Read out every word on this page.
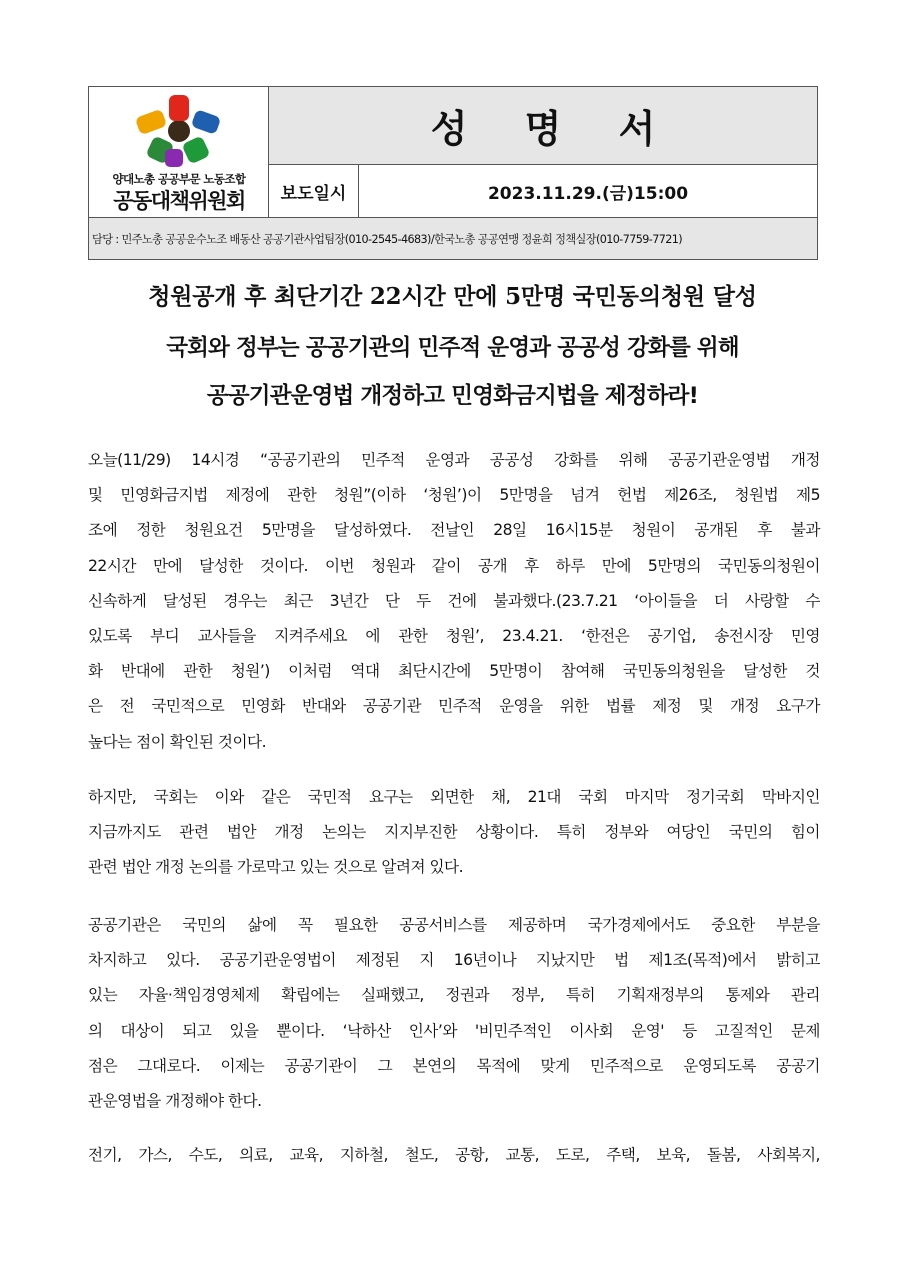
양대노총 공공부문 노동조합
공동대책위원회
성 명 서
보도일시	2023.11.29.(금)15:00
담당 : 민주노총 공공운수노조 배동산 공공기관사업팀장(010-2545-4683)/한국노총 공공연맹 정윤희 정책실장(010-7759-7721)
청원공개 후 최단기간 22시간 만에 5만명 국민동의청원 달성
국회와 정부는 공공기관의 민주적 운영과 공공성 강화를 위해
공공기관운영법 개정하고 민영화금지법을 제정하라!
오늘(11/29) 14시경 “공공기관의 민주적 운영과 공공성 강화를 위해 공공기관운영법 개정
및 민영화금지법 제정에 관한 청원”(이하 ‘청원’)이 5만명을 넘겨 헌법 제26조, 청원법 제5
조에 정한 청원요건 5만명을 달성하였다. 전날인 28일 16시15분 청원이 공개된 후 불과
22시간 만에 달성한 것이다. 이번 청원과 같이 공개 후 하루 만에 5만명의 국민동의청원이
신속하게 달성된 경우는 최근 3년간 단 두 건에 불과했다.(23.7.21 ‘아이들을 더 사랑할 수
있도록 부디 교사들을 지켜주세요 에 관한 청원’, 23.4.21. ‘한전은 공기업, 송전시장 민영
화 반대에 관한 청원’) 이처럼 역대 최단시간에 5만명이 참여해 국민동의청원을 달성한 것
은 전 국민적으로 민영화 반대와 공공기관 민주적 운영을 위한 법률 제정 및 개정 요구가
높다는 점이 확인된 것이다.
하지만, 국회는 이와 같은 국민적 요구는 외면한 채, 21대 국회 마지막 정기국회 막바지인
지금까지도 관련 법안 개정 논의는 지지부진한 상황이다. 특히 정부와 여당인 국민의 힘이
관련 법안 개정 논의를 가로막고 있는 것으로 알려져 있다.
공공기관은 국민의 삶에 꼭 필요한 공공서비스를 제공하며 국가경제에서도 중요한 부분을
차지하고 있다. 공공기관운영법이 제정된 지 16년이나 지났지만 법 제1조(목적)에서 밝히고
있는 자율·책임경영체제 확립에는 실패했고, 정권과 정부, 특히 기획재정부의 통제와 관리
의 대상이 되고 있을 뿐이다. ‘낙하산 인사’와 '비민주적인 이사회 운영' 등 고질적인 문제
점은 그대로다. 이제는 공공기관이 그 본연의 목적에 맞게 민주적으로 운영되도록 공공기
관운영법을 개정해야 한다.
전기, 가스, 수도, 의료, 교육, 지하철, 철도, 공항, 교통, 도로, 주택, 보육, 돌봄, 사회복지,
